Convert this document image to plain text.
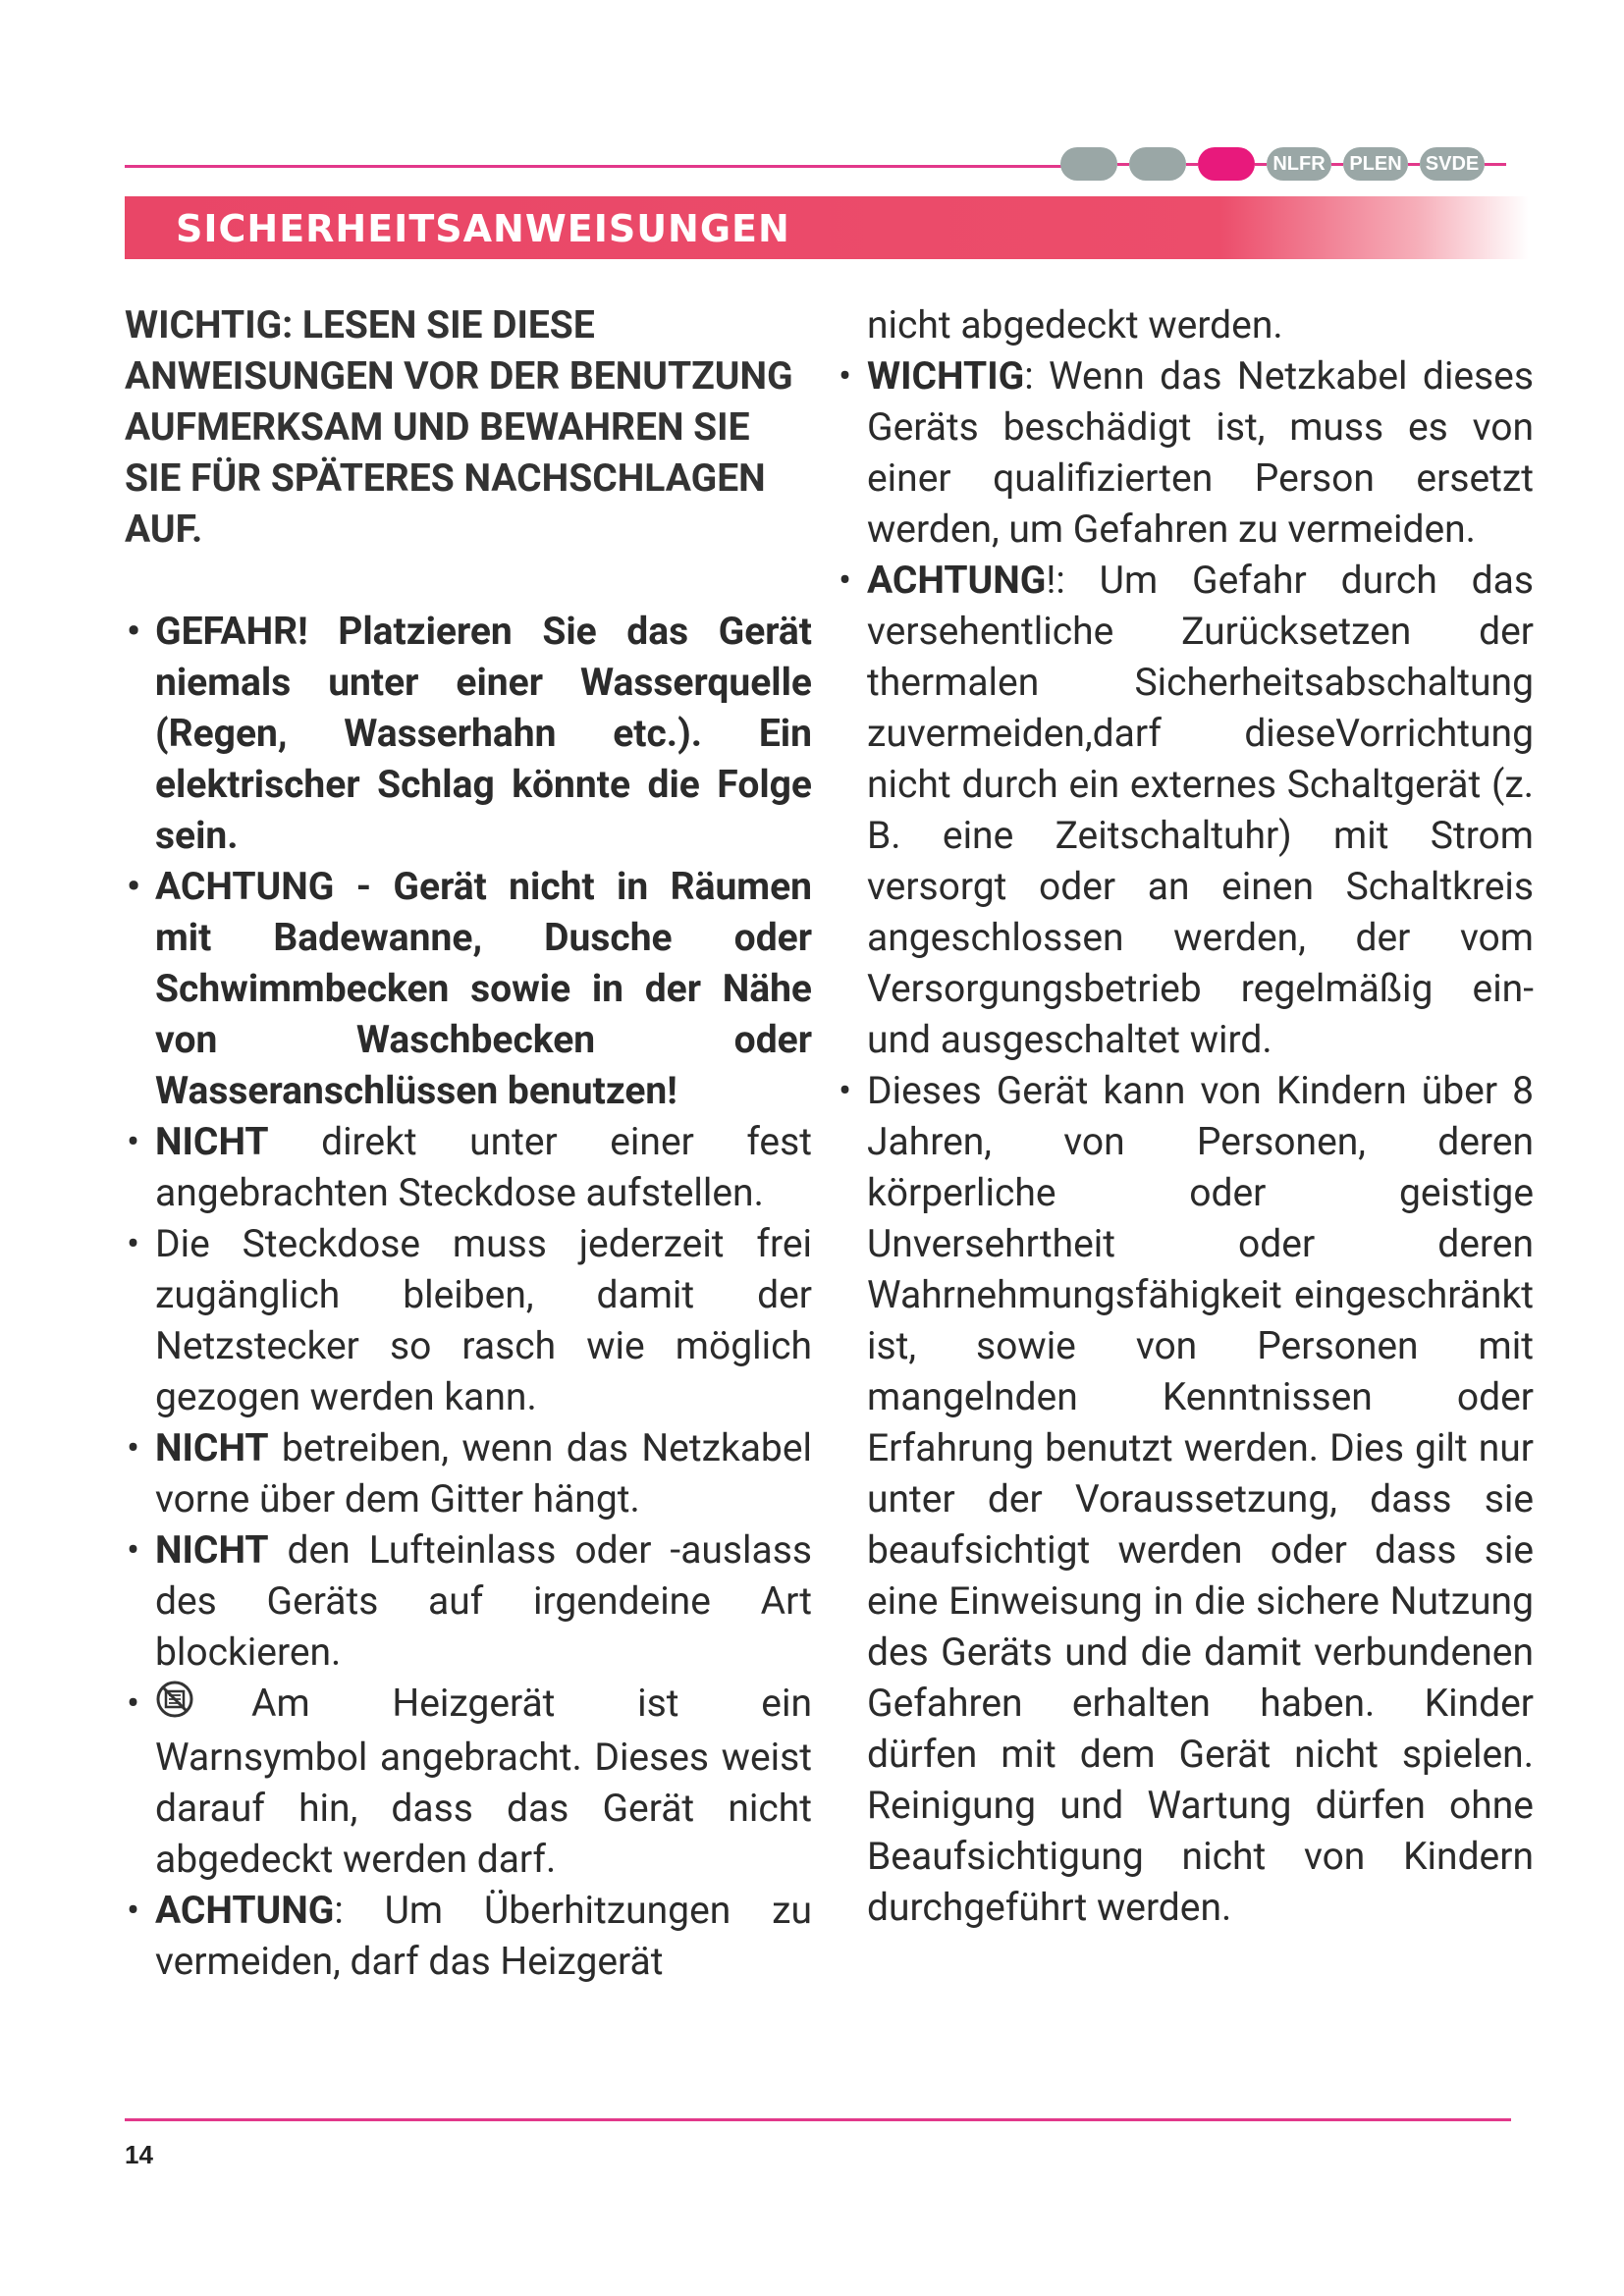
NLFR	PLEN	SVDE
SICHERHEITSANWEISUNGEN

WICHTIG: LESEN SIE DIESE ANWEISUNGEN VOR DER BENUTZUNG AUFMERKSAM UND BEWAHREN SIE SIE FÜR SPÄTERES NACHSCHLAGEN AUF.

• GEFAHR! Platzieren Sie das Gerät niemals unter einer Wasserquelle (Regen, Wasserhahn etc.). Ein elektrischer Schlag könnte die Folge sein.

• ACHTUNG - Gerät nicht in Räumen mit Badewanne, Dusche oder Schwimmbecken sowie in der Nähe von Waschbecken oder Wasseranschlüssen benutzen!

• NICHT direkt unter einer fest angebrachten Steckdose aufstellen.

• Die Steckdose muss jederzeit frei zugänglich bleiben, damit der Netzstecker so rasch wie möglich gezogen werden kann.

• NICHT betreiben, wenn das Netzkabel vorne über dem Gitter hängt.

• NICHT den Lufteinlass oder -auslass des Geräts auf irgendeine Art blockieren.

• Am Heizgerät ist ein Warnsymbol angebracht. Dieses weist darauf hin, dass das Gerät nicht abgedeckt werden darf.

• ACHTUNG: Um Überhitzungen zu vermeiden, darf das Heizgerät

nicht abgedeckt werden.

• WICHTIG: Wenn das Netzkabel dieses Geräts beschädigt ist, muss es von einer qualifizierten Person ersetzt werden, um Gefahren zu vermeiden.

• ACHTUNG!: Um Gefahr durch das versehentliche Zurücksetzen der thermalen Sicherheitsabschaltung zuvermeiden,darf dieseVorrichtung nicht durch ein externes Schaltgerät (z. B. eine Zeitschaltuhr) mit Strom versorgt oder an einen Schaltkreis angeschlossen werden, der vom Versorgungsbetrieb regelmäßig ein- und ausgeschaltet wird.

• Dieses Gerät kann von Kindern über 8 Jahren, von Personen, deren körperliche oder geistige Unversehrtheit oder deren Wahrnehmungsfähigkeit eingeschränkt ist, sowie von Personen mit mangelnden Kenntnissen oder Erfahrung benutzt werden. Dies gilt nur unter der Voraussetzung, dass sie beaufsichtigt werden oder dass sie eine Einweisung in die sichere Nutzung des Geräts und die damit verbundenen Gefahren erhalten haben. Kinder dürfen mit dem Gerät nicht spielen. Reinigung und Wartung dürfen ohne Beaufsichtigung nicht von Kindern durchgeführt werden.

14
